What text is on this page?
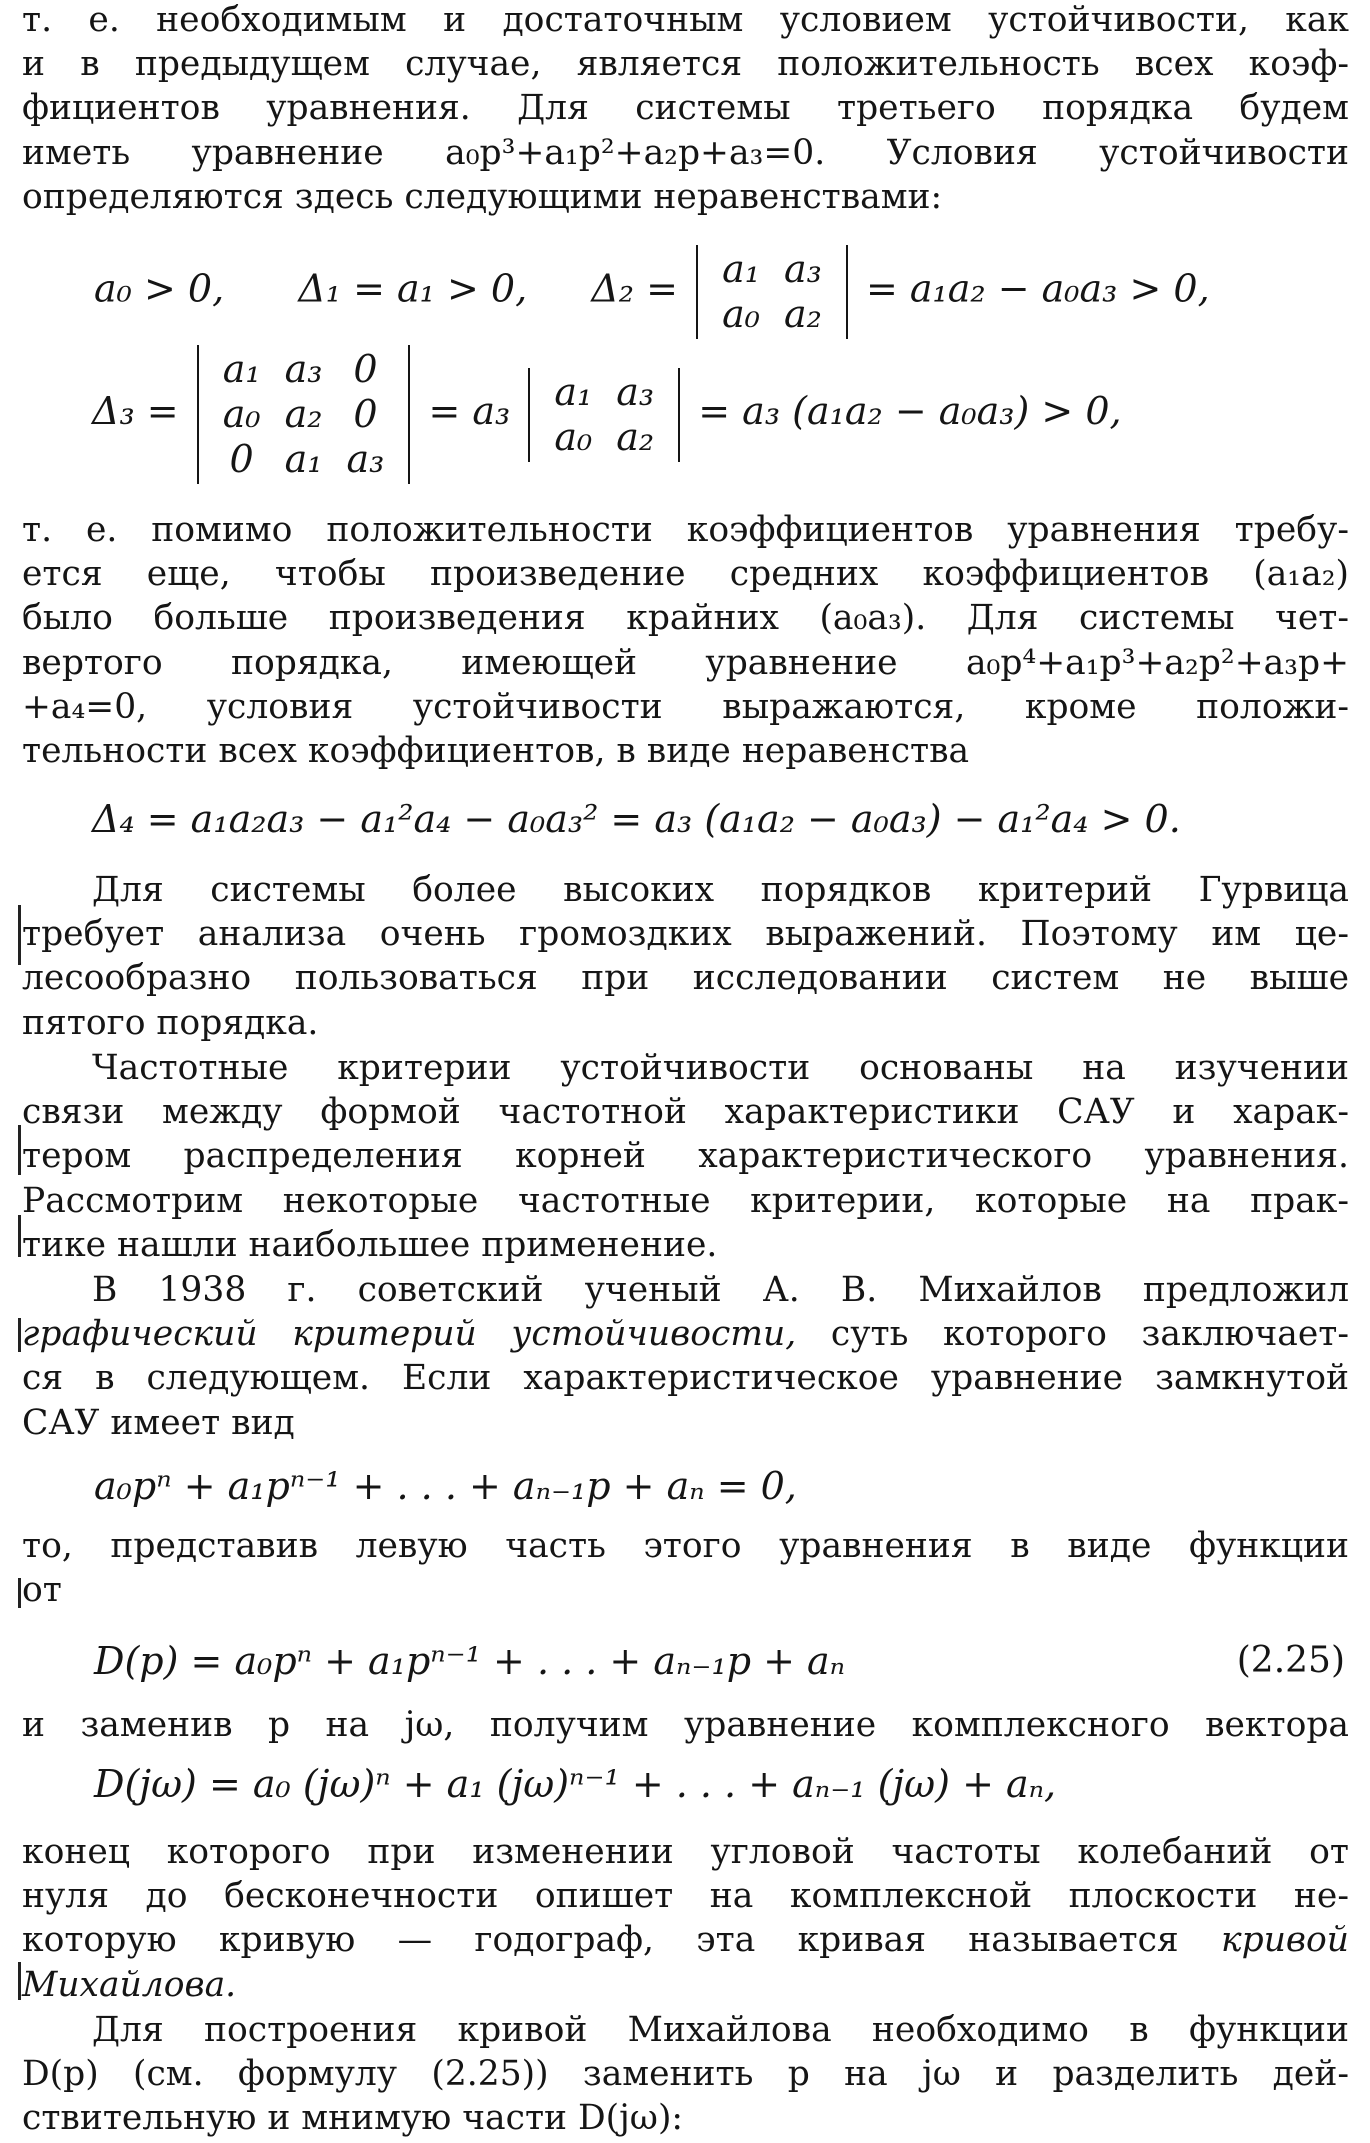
т. е. необходимым и достаточным условием устойчивости, как

и в предыдущем случае, является положительность всех коэф-

фициентов уравнения. Для системы третьего порядка будем

иметь уравнение a₀p³+a₁p²+a₂p+a₃=0. Условия устойчивости

определяются здесь следующими неравенствами:

a₀ > 0, Δ₁ = a₁ > 0, Δ₂ = a₁	a₃
a₀	a₂
= a₁a₂ − a₀a₃ > 0,
Δ₃ =
a₁	a₃	0
a₀	a₂	0
0	a₁	a₃
= a₃ a₁	a₃
a₀	a₂
= a₃ (a₁a₂ − a₀a₃) > 0,

т. е. помимо положительности коэффициентов уравнения требу-

ется еще, чтобы произведение средних коэффициентов (a₁a₂)

было больше произведения крайних (a₀a₃). Для системы чет-

вертого порядка, имеющей уравнение a₀p⁴+a₁p³+a₂p²+a₃p+

+a₄=0, условия устойчивости выражаются, кроме положи-

тельности всех коэффициентов, в виде неравенства

Δ₄ = a₁a₂a₃ − a₁²a₄ − a₀a₃² = a₃ (a₁a₂ − a₀a₃) − a₁²a₄ > 0.

Для системы более высоких порядков критерий Гурвица

требует анализа очень громоздких выражений. Поэтому им це-

лесообразно пользоваться при исследовании систем не выше

пятого порядка.

Частотные критерии устойчивости основаны на изучении

связи между формой частотной характеристики САУ и харак-

тером распределения корней характеристического уравнения.

Рассмотрим некоторые частотные критерии, которые на прак-

тике нашли наибольшее применение.

В 1938 г. советский ученый А. В. Михайлов предложил

графический критерий устойчивости, суть которого заключает-

ся в следующем. Если характеристическое уравнение замкнутой

САУ имеет вид

a₀pⁿ + a₁pⁿ⁻¹ + . . . + aₙ₋₁p + aₙ = 0,

то, представив левую часть этого уравнения в виде функции

от

D(p) = a₀pⁿ + a₁pⁿ⁻¹ + . . . + aₙ₋₁p + aₙ	(2.25)

и заменив p на jω, получим уравнение комплексного вектора

D(jω) = a₀ (jω)ⁿ + a₁ (jω)ⁿ⁻¹ + . . . + aₙ₋₁ (jω) + aₙ,

конец которого при изменении угловой частоты колебаний от

нуля до бесконечности опишет на комплексной плоскости не-

которую кривую — годограф, эта кривая называется кривой

Михайлова.

Для построения кривой Михайлова необходимо в функции

D(p) (см. формулу (2.25)) заменить p на jω и разделить дей-

ствительную и мнимую части D(jω):
